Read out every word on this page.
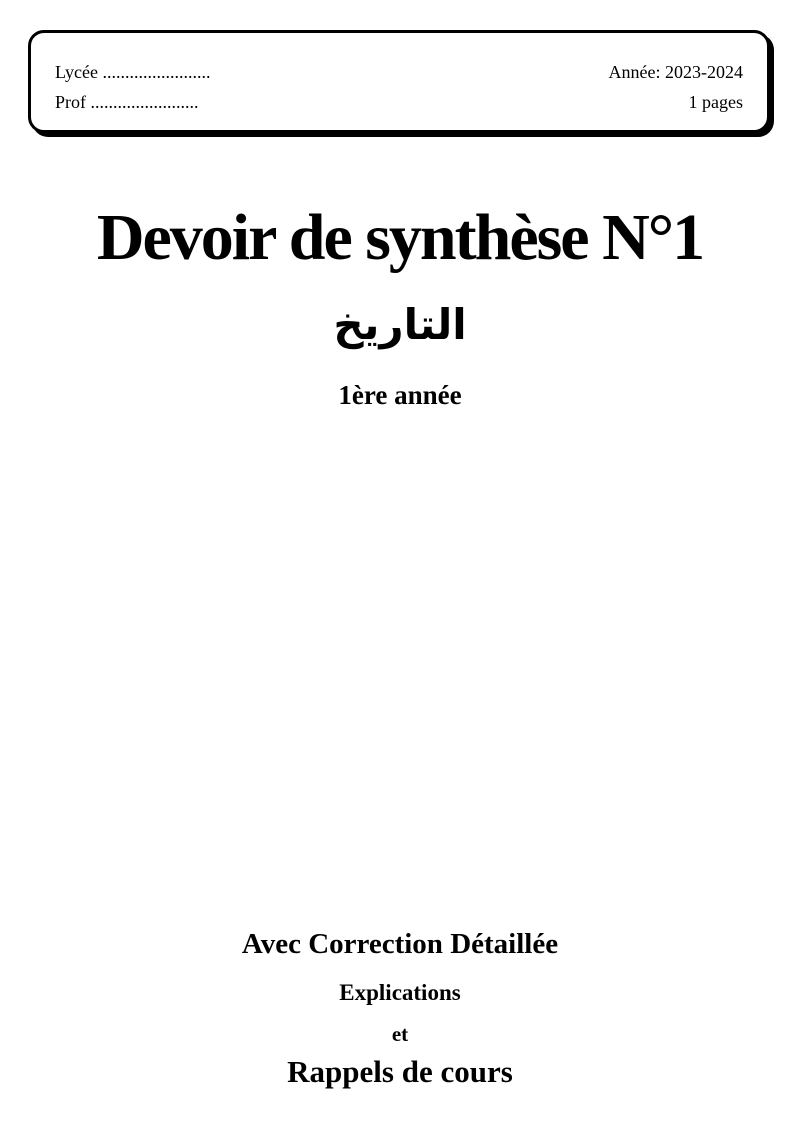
Lycée ........................
Prof ........................
Année: 2023-2024
1 pages
Devoir de synthèse N°1
التاريخ
1ère année
Avec Correction Détaillée
Explications
et
Rappels de cours
